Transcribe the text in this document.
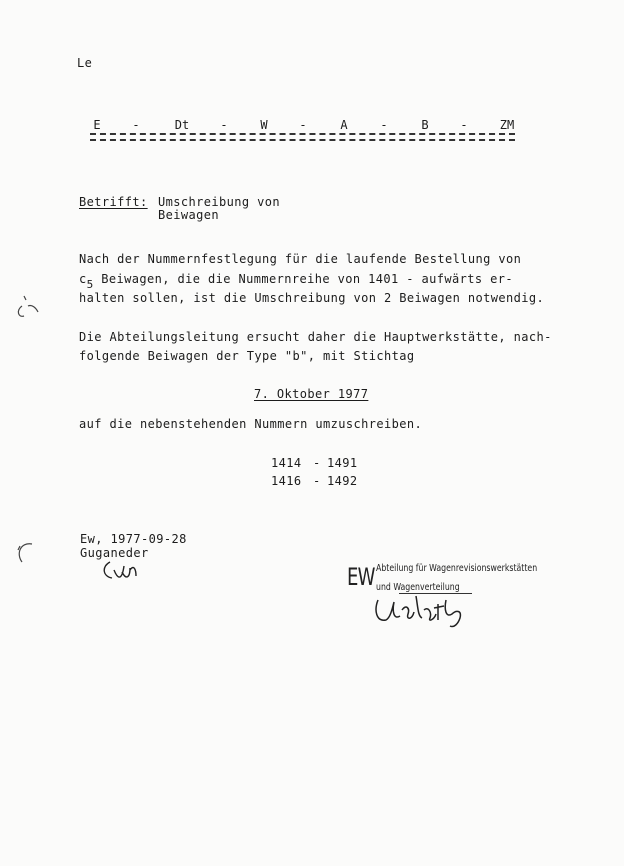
Le
E	-	Dt	-	W	-	A	-	B	-	ZM
Betrifft: Umschreibung von
Beiwagen
Nach der Nummernfestlegung für die laufende Bestellung von
c5 Beiwagen, die die Nummernreihe von 1401 - aufwärts er-
halten sollen, ist die Umschreibung von 2 Beiwagen notwendig.
Die Abteilungsleitung ersucht daher die Hauptwerkstätte, nach-
folgende Beiwagen der Type "b", mit Stichtag
7. Oktober 1977
auf die nebenstehenden Nummern umzuschreiben.
1414 - 1491
1416 - 1492
Ew, 1977-09-28
Guganeder
EW Abteilung für Wagenrevisionswerkstätten
und Wagenverteilung
